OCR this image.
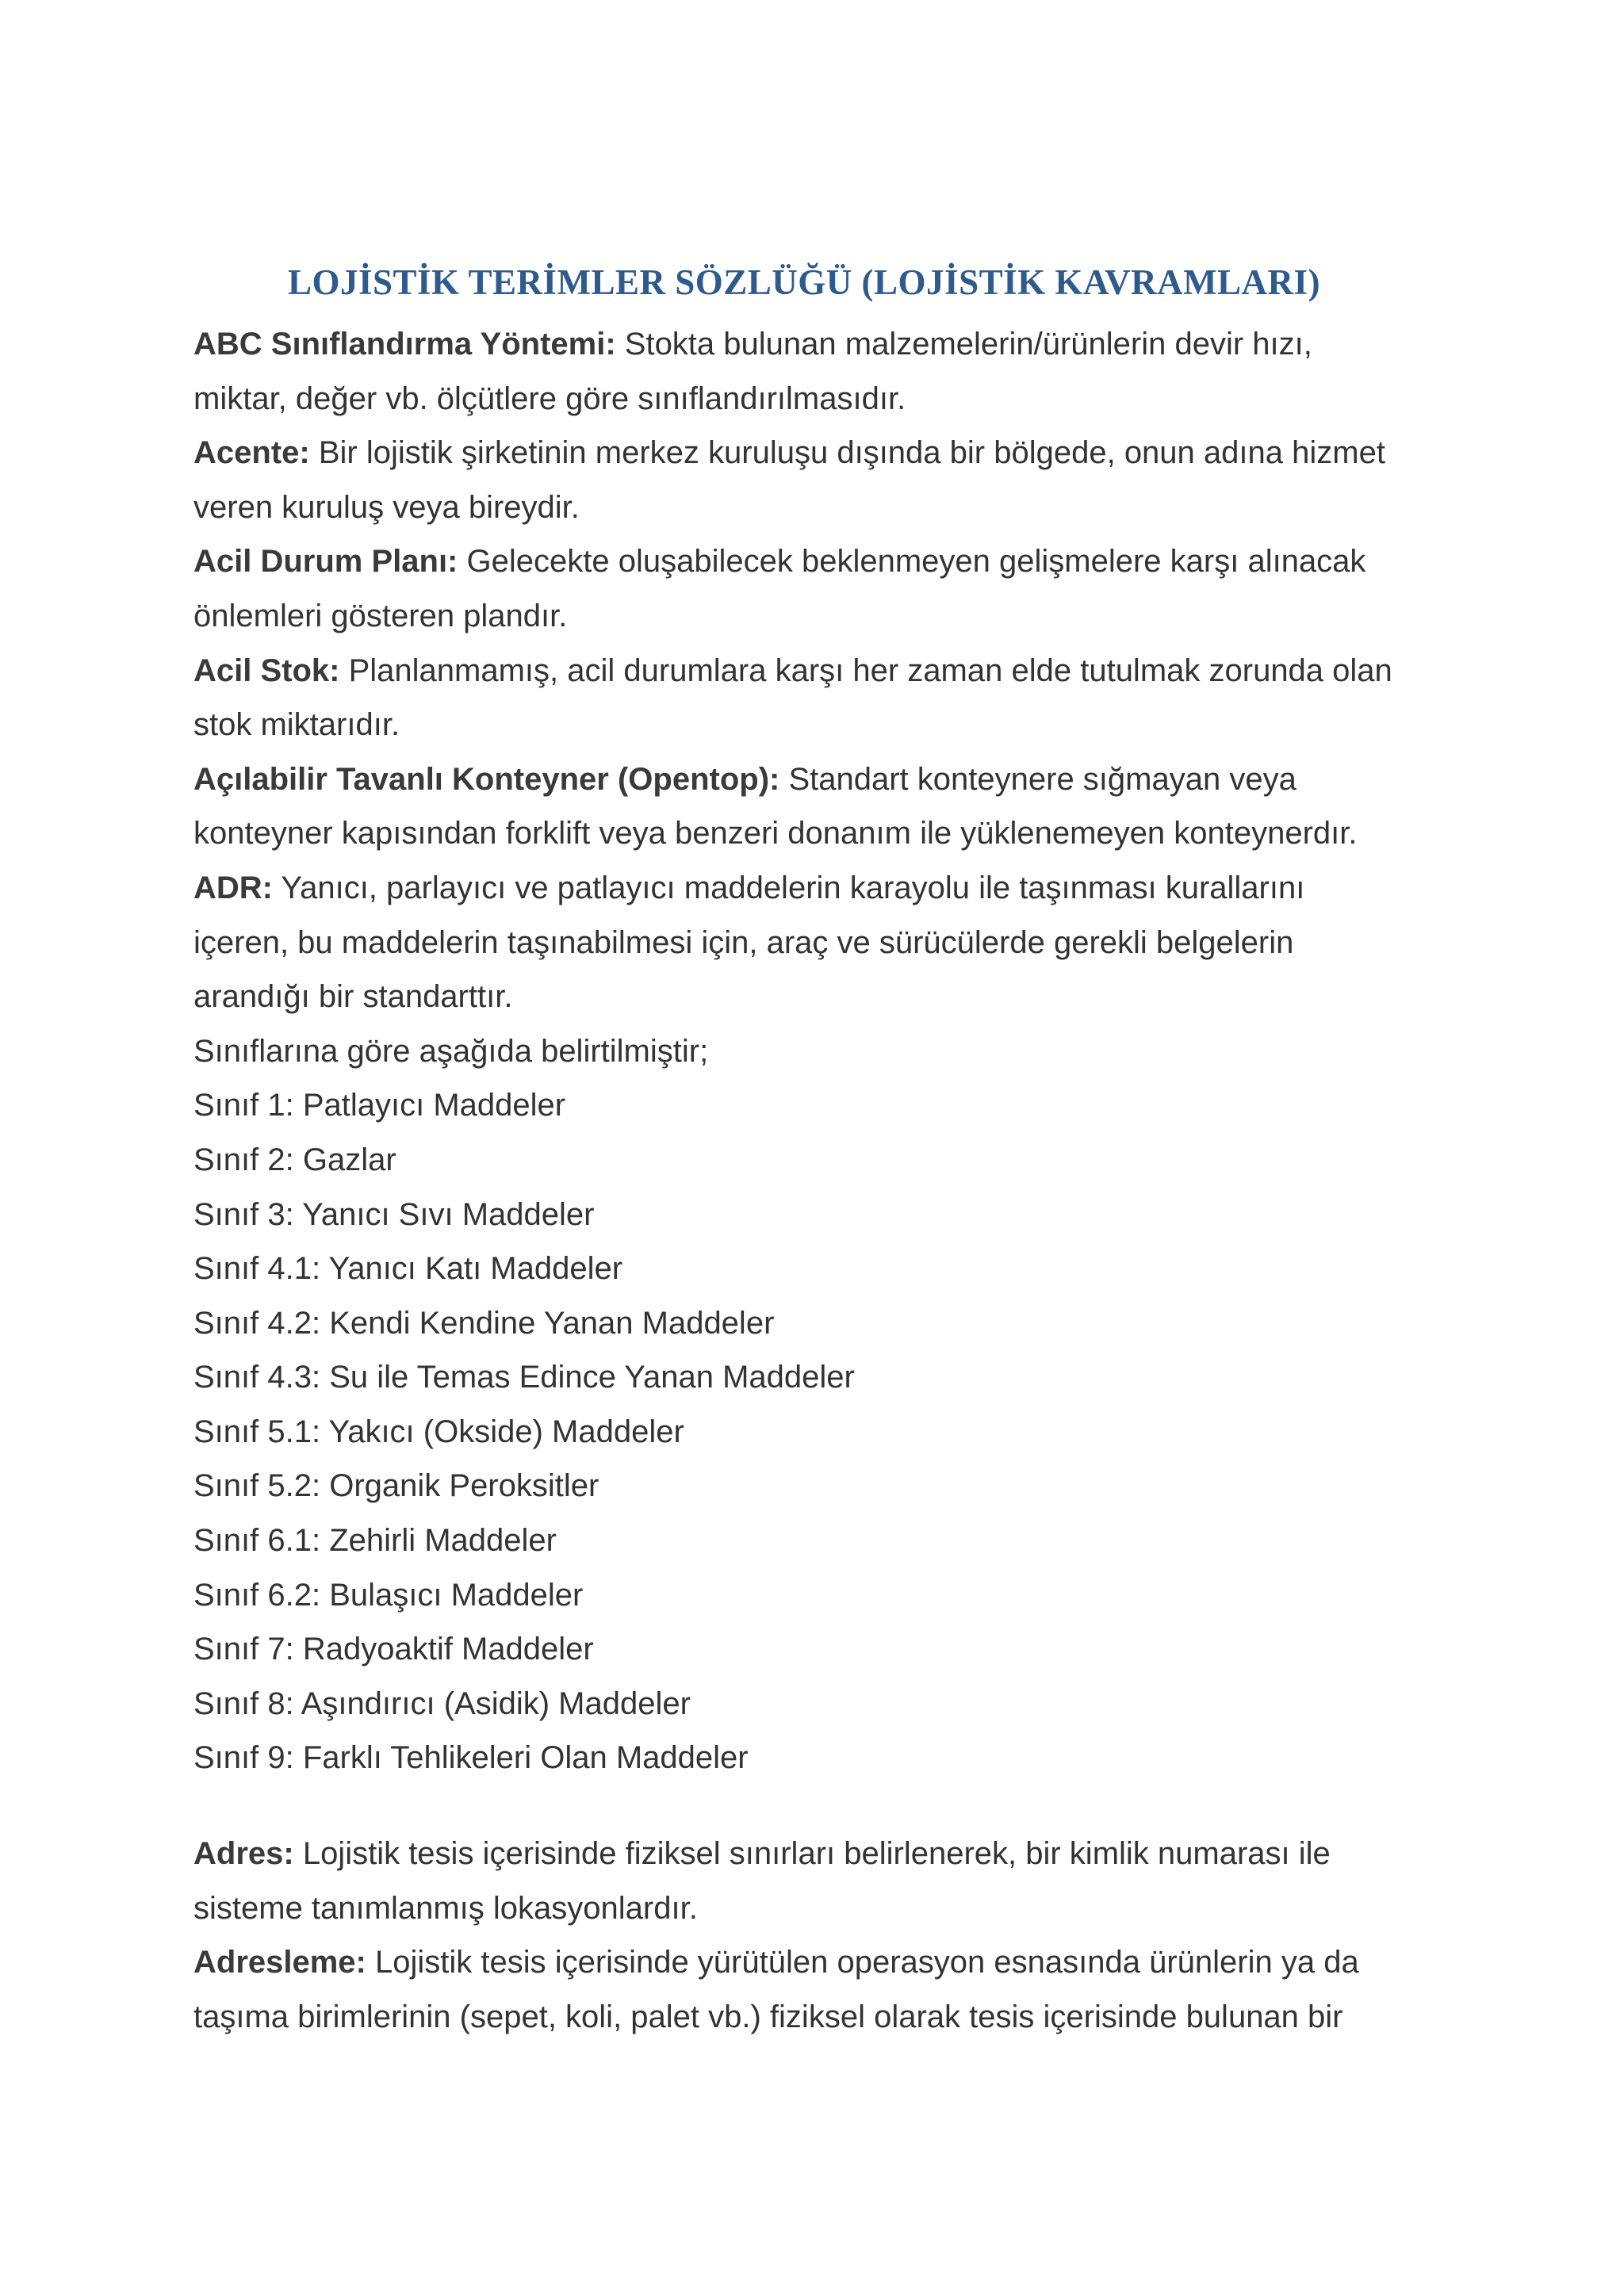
LOJİSTİK TERİMLER SÖZLÜĞÜ (LOJİSTİK KAVRAMLARI)

ABC Sınıflandırma Yöntemi: Stokta bulunan malzemelerin/ürünlerin devir hızı,

miktar, değer vb. ölçütlere göre sınıflandırılmasıdır.

Acente: Bir lojistik şirketinin merkez kuruluşu dışında bir bölgede, onun adına hizmet

veren kuruluş veya bireydir.

Acil Durum Planı: Gelecekte oluşabilecek beklenmeyen gelişmelere karşı alınacak

önlemleri gösteren plandır.

Acil Stok: Planlanmamış, acil durumlara karşı her zaman elde tutulmak zorunda olan

stok miktarıdır.

Açılabilir Tavanlı Konteyner (Opentop): Standart konteynere sığmayan veya

konteyner kapısından forklift veya benzeri donanım ile yüklenemeyen konteynerdır.

ADR: Yanıcı, parlayıcı ve patlayıcı maddelerin karayolu ile taşınması kurallarını

içeren, bu maddelerin taşınabilmesi için, araç ve sürücülerde gerekli belgelerin

arandığı bir standarttır.

Sınıflarına göre aşağıda belirtilmiştir;

Sınıf 1: Patlayıcı Maddeler

Sınıf 2: Gazlar

Sınıf 3: Yanıcı Sıvı Maddeler

Sınıf 4.1: Yanıcı Katı Maddeler

Sınıf 4.2: Kendi Kendine Yanan Maddeler

Sınıf 4.3: Su ile Temas Edince Yanan Maddeler

Sınıf 5.1: Yakıcı (Okside) Maddeler

Sınıf 5.2: Organik Peroksitler

Sınıf 6.1: Zehirli Maddeler

Sınıf 6.2: Bulaşıcı Maddeler

Sınıf 7: Radyoaktif Maddeler

Sınıf 8: Aşındırıcı (Asidik) Maddeler

Sınıf 9: Farklı Tehlikeleri Olan Maddeler

Adres: Lojistik tesis içerisinde fiziksel sınırları belirlenerek, bir kimlik numarası ile

sisteme tanımlanmış lokasyonlardır.

Adresleme: Lojistik tesis içerisinde yürütülen operasyon esnasında ürünlerin ya da

taşıma birimlerinin (sepet, koli, palet vb.) fiziksel olarak tesis içerisinde bulunan bir
